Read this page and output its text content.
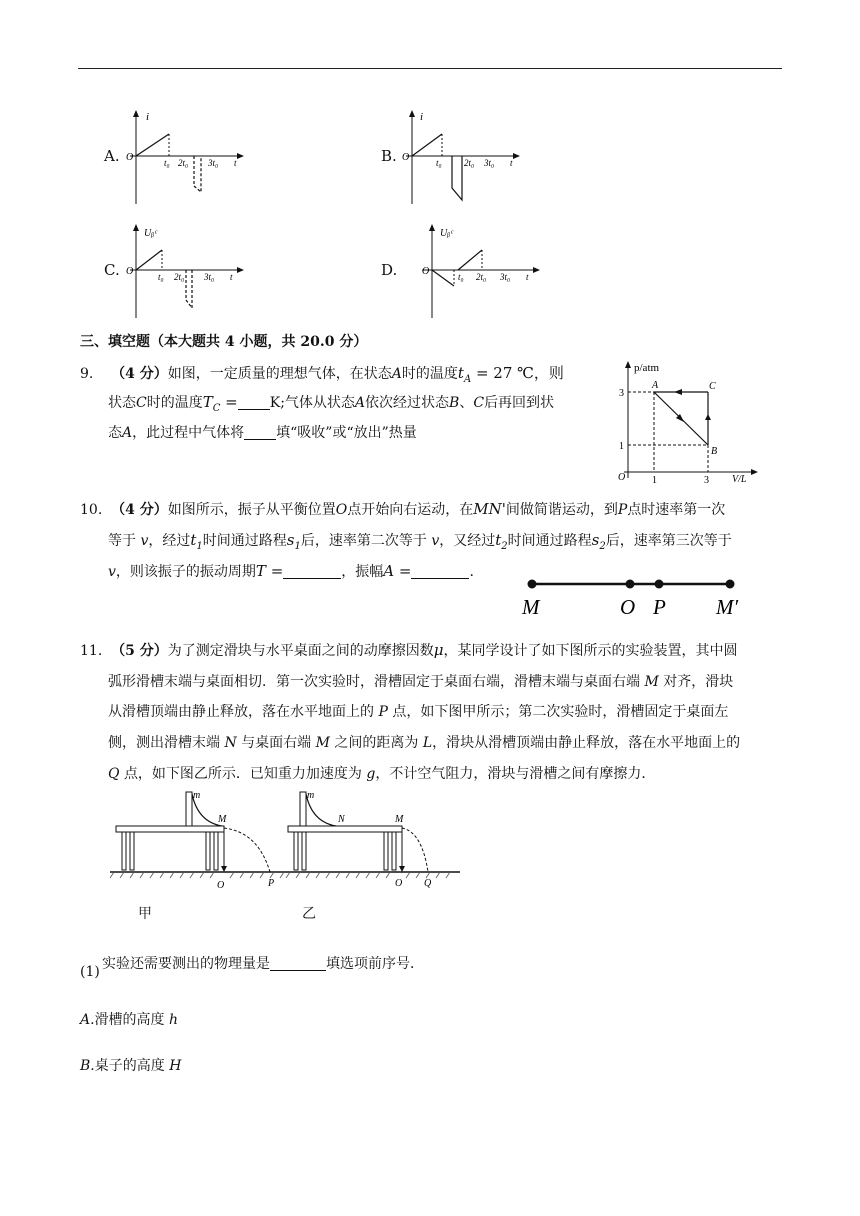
A.
i
O	t₀ 2t₀ 3t₀ t	B.
i
O	t₀ 2t₀ 3t₀ t
C.
Uᵦᶜ
O	t₀ 2t₀ 3t₀ t	D.
Uᵦᶜ
O	t₀ 2t₀ 3t₀ t
三、填空题（本大题共 4 小题，共 20.0 分）
9. （4 分）如图，一定质量的理想气体，在状态A时的温度$t_A = 27$ ℃，则
状态C时的温度$T_C = K$;气体从状态A依次经过状态B、C后再回到状
态A，此过程中气体将 填“吸收”或“放出”热量
p/atm
V/L
O
3
1
1	3
A
B
C
10. （4 分）如图所示，振子从平衡位置O点开始向右运动，在MN'间做简谐运动，到P点时速率第一次
等于 v，经过$t_1$时间通过路程$s_1$后，速率第二次等于 v，又经过$t_2$时间通过路程$s_2$后，速率第三次等于
v，则该振子的振动周期T =	，振幅A =	.
M	O P M′
11. （5 分）为了测定滑块与水平桌面之间的动摩擦因数μ，某同学设计了如下图所示的实验装置，其中圆
弧形滑槽末端与桌面相切．第一次实验时，滑槽固定于桌面右端，滑槽末端与桌面右端 M 对齐，滑块
从滑槽顶端由静止释放，落在水平地面上的 P 点，如下图甲所示；第二次实验时，滑槽固定于桌面左
侧，测出滑槽末端 N 与桌面右端 M 之间的距离为 L，滑块从滑槽顶端由静止释放，落在水平地面上的
Q 点，如下图乙所示．已知重力加速度为 g，不计空气阻力，滑块与滑槽之间有摩擦力．
m
M
O	P
m
N	M
O Q
甲	乙
(1) 实验还需要测出的物理量是	填选项前序号．
A.滑槽的高度 h
B.桌子的高度 H
